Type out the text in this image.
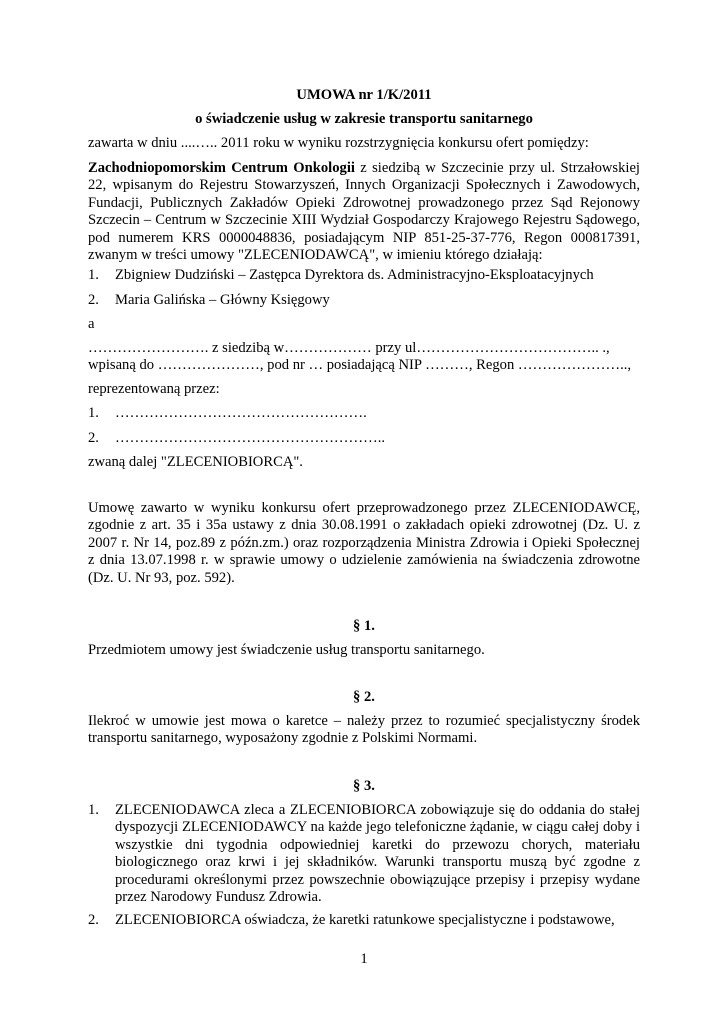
UMOWA nr 1/K/2011
o świadczenie usług w zakresie transportu sanitarnego
zawarta w dniu ....….. 2011 roku w wyniku rozstrzygnięcia konkursu ofert pomiędzy:
Zachodniopomorskim Centrum Onkologii z siedzibą w Szczecinie przy ul. Strzałowskiej 22, wpisanym do Rejestru Stowarzyszeń, Innych Organizacji Społecznych i Zawodowych, Fundacji, Publicznych Zakładów Opieki Zdrowotnej prowadzonego przez Sąd Rejonowy Szczecin – Centrum w Szczecinie XIII Wydział Gospodarczy Krajowego Rejestru Sądowego, pod numerem KRS 0000048836, posiadającym NIP 851-25-37-776, Regon 000817391, zwanym w treści umowy "ZLECENIODAWCĄ", w imieniu którego działają:
1. Zbigniew Dudziński – Zastępca Dyrektora ds. Administracyjno-Eksploatacyjnych
2. Maria Galińska – Główny Księgowy
a
……………………. z siedzibą w……………… przy ul……………………………….. .,
wpisaną do …………………, pod nr … posiadającą NIP ………, Regon …………………..,
reprezentowaną przez:
1. …………………………………………….
2. ………………………………………………..
zwaną dalej "ZLECENIOBIORCĄ".
Umowę zawarto w wyniku konkursu ofert przeprowadzonego przez ZLECENIODAWCĘ, zgodnie z art. 35 i 35a ustawy z dnia 30.08.1991 o zakładach opieki zdrowotnej (Dz. U. z 2007 r. Nr 14, poz.89 z późn.zm.) oraz rozporządzenia Ministra Zdrowia i Opieki Społecznej z dnia 13.07.1998 r. w sprawie umowy o udzielenie zamówienia na świadczenia zdrowotne (Dz. U. Nr 93, poz. 592).
§ 1.
Przedmiotem umowy jest świadczenie usług transportu sanitarnego.
§ 2.
Ilekroć w umowie jest mowa o karetce – należy przez to rozumieć specjalistyczny środek transportu sanitarnego, wyposażony zgodnie z Polskimi Normami.
§ 3.
1. ZLECENIODAWCA zleca a ZLECENIOBIORCA zobowiązuje się do oddania do stałej dyspozycji ZLECENIODAWCY na każde jego telefoniczne żądanie, w ciągu całej doby i wszystkie dni tygodnia odpowiedniej karetki do przewozu chorych, materiału biologicznego oraz krwi i jej składników. Warunki transportu muszą być zgodne z procedurami określonymi przez powszechnie obowiązujące przepisy i przepisy wydane przez Narodowy Fundusz Zdrowia.
2. ZLECENIOBIORCA oświadcza, że karetki ratunkowe specjalistyczne i podstawowe,
1
